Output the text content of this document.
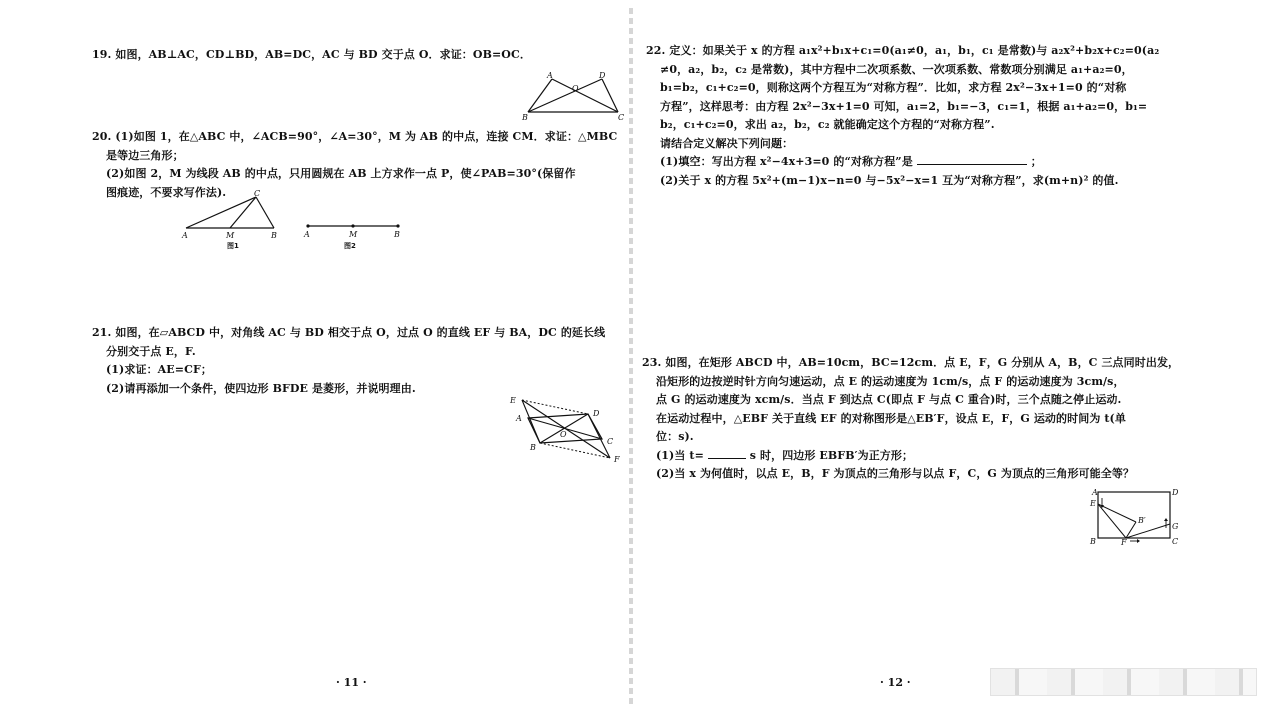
19. 如图，AB⊥AC，CD⊥BD，AB=DC，AC 与 BD 交于点 O．求证：OB=OC．

A	D
O
B	C

20. (1)如图 1，在△ABC 中，∠ACB=90°，∠A=30°，M 为 AB 的中点，连接 CM．求证：△MBC

是等边三角形；

(2)如图 2，M 为线段 AB 的中点，只用圆规在 AB 上方求作一点 P，使∠PAB=30°(保留作

图痕迹，不要求写作法).	C
A	M	B
图1
A	M	B
图2

21. 如图，在▱ABCD 中，对角线 AC 与 BD 相交于点 O，过点 O 的直线 EF 与 BA，DC 的延长线

分别交于点 E，F.

(1)求证：AE=CF；

(2)请再添加一个条件，使四边形 BFDE 是菱形，并说明理由.

E
D
A
O
C
B
F
· 11 ·

22. 定义：如果关于 x 的方程 a₁x²+b₁x+c₁=0(a₁≠0，a₁，b₁，c₁ 是常数)与 a₂x²+b₂x+c₂=0(a₂

≠0，a₂，b₂，c₂ 是常数)，其中方程中二次项系数、一次项系数、常数项分别满足 a₁+a₂=0，

b₁=b₂，c₁+c₂=0，则称这两个方程互为“对称方程”．比如，求方程 2x²−3x+1=0 的“对称

方程”，这样思考：由方程 2x²−3x+1=0 可知，a₁=2，b₁=−3，c₁=1，根据 a₁+a₂=0，b₁=

b₂，c₁+c₂=0，求出 a₂，b₂，c₂ 就能确定这个方程的“对称方程”.

请结合定义解决下列问题：

(1)填空：写出方程 x²−4x+3=0 的“对称方程”是	；

(2)关于 x 的方程 5x²+(m−1)x−n=0 与−5x²−x=1 互为“对称方程”，求(m+n)² 的值.

23. 如图，在矩形 ABCD 中，AB=10cm，BC=12cm．点 E，F，G 分别从 A，B，C 三点同时出发，

沿矩形的边按逆时针方向匀速运动，点 E 的运动速度为 1cm/s，点 F 的运动速度为 3cm/s，

点 G 的运动速度为 xcm/s．当点 F 到达点 C(即点 F 与点 C 重合)时，三个点随之停止运动.

在运动过程中，△EBF 关于直线 EF 的对称图形是△EB′F，设点 E，F，G 运动的时间为 t(单

位：s).

(1)当 t=	s 时，四边形 EBFB′为正方形；

(2)当 x 为何值时，以点 E，B，F 为顶点的三角形与以点 F，C，G 为顶点的三角形可能全等？

A	D
E
B′
G
B	F	C
· 12 ·
